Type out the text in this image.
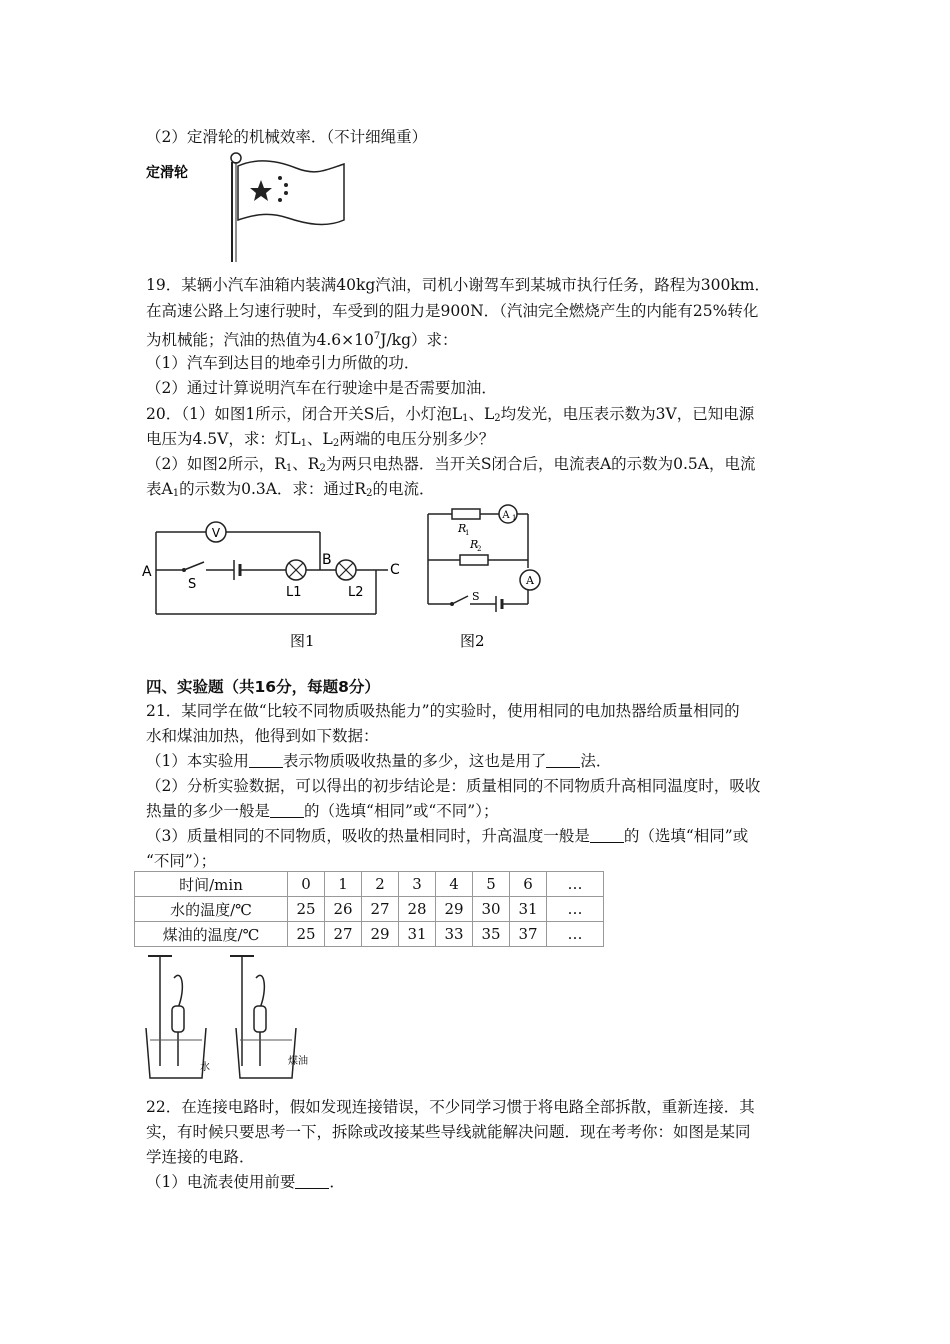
（2）定滑轮的机械效率．（不计细绳重）
定滑轮
19．某辆小汽车油箱内装满40kg汽油，司机小谢驾车到某城市执行任务，路程为300km．
在高速公路上匀速行驶时，车受到的阻力是900N．（汽油完全燃烧产生的内能有25%转化
为机械能；汽油的热值为$4.6\times 10^7J/kg$）求：
（1）汽车到达目的地牵引力所做的功．
（2）通过计算说明汽车在行驶途中是否需要加油．
20．（1）如图1所示，闭合开关S后，小灯泡$L_1$、$L_2$均发光，电压表示数为3V，已知电源
电压为4.5V，求：灯$L_1$、$L_2$两端的电压分别多少？
（2）如图2所示，$R_1$、$R_2$为两只电热器．当开关S闭合后，电流表A的示数为0.5A，电流
表$A_1$的示数为0.3A．求：通过$R_2$的电流．
V
A
B
C
S
L1	L2
图1
A 1
R
1
R
2
A
S
图2
四、实验题（共16分，每题8分）
21．某同学在做“比较不同物质吸热能力”的实验时，使用相同的电加热器给质量相同的
水和煤油加热，他得到如下数据：
（1）本实验用 表示物质吸收热量的多少，这也是用了 法．
（2）分析实验数据，可以得出的初步结论是：质量相同的不同物质升高相同温度时，吸收
热量的多少一般是 的（选填“相同”或“不同”）；
（3）质量相同的不同物质，吸收的热量相同时，升高温度一般是 的（选填“相同”或
“不同”）；
时间/min	0	1	2	3	4	5	6	…
水的温度/℃	25	26	27	28	29	30	31	…
煤油的温度/℃	25	27	29	31	33	35	37	…
水
煤油
22．在连接电路时，假如发现连接错误，不少同学习惯于将电路全部拆散，重新连接．其
实，有时候只要思考一下，拆除或改接某些导线就能解决问题．现在考考你：如图是某同
学连接的电路．
（1）电流表使用前要 ．
